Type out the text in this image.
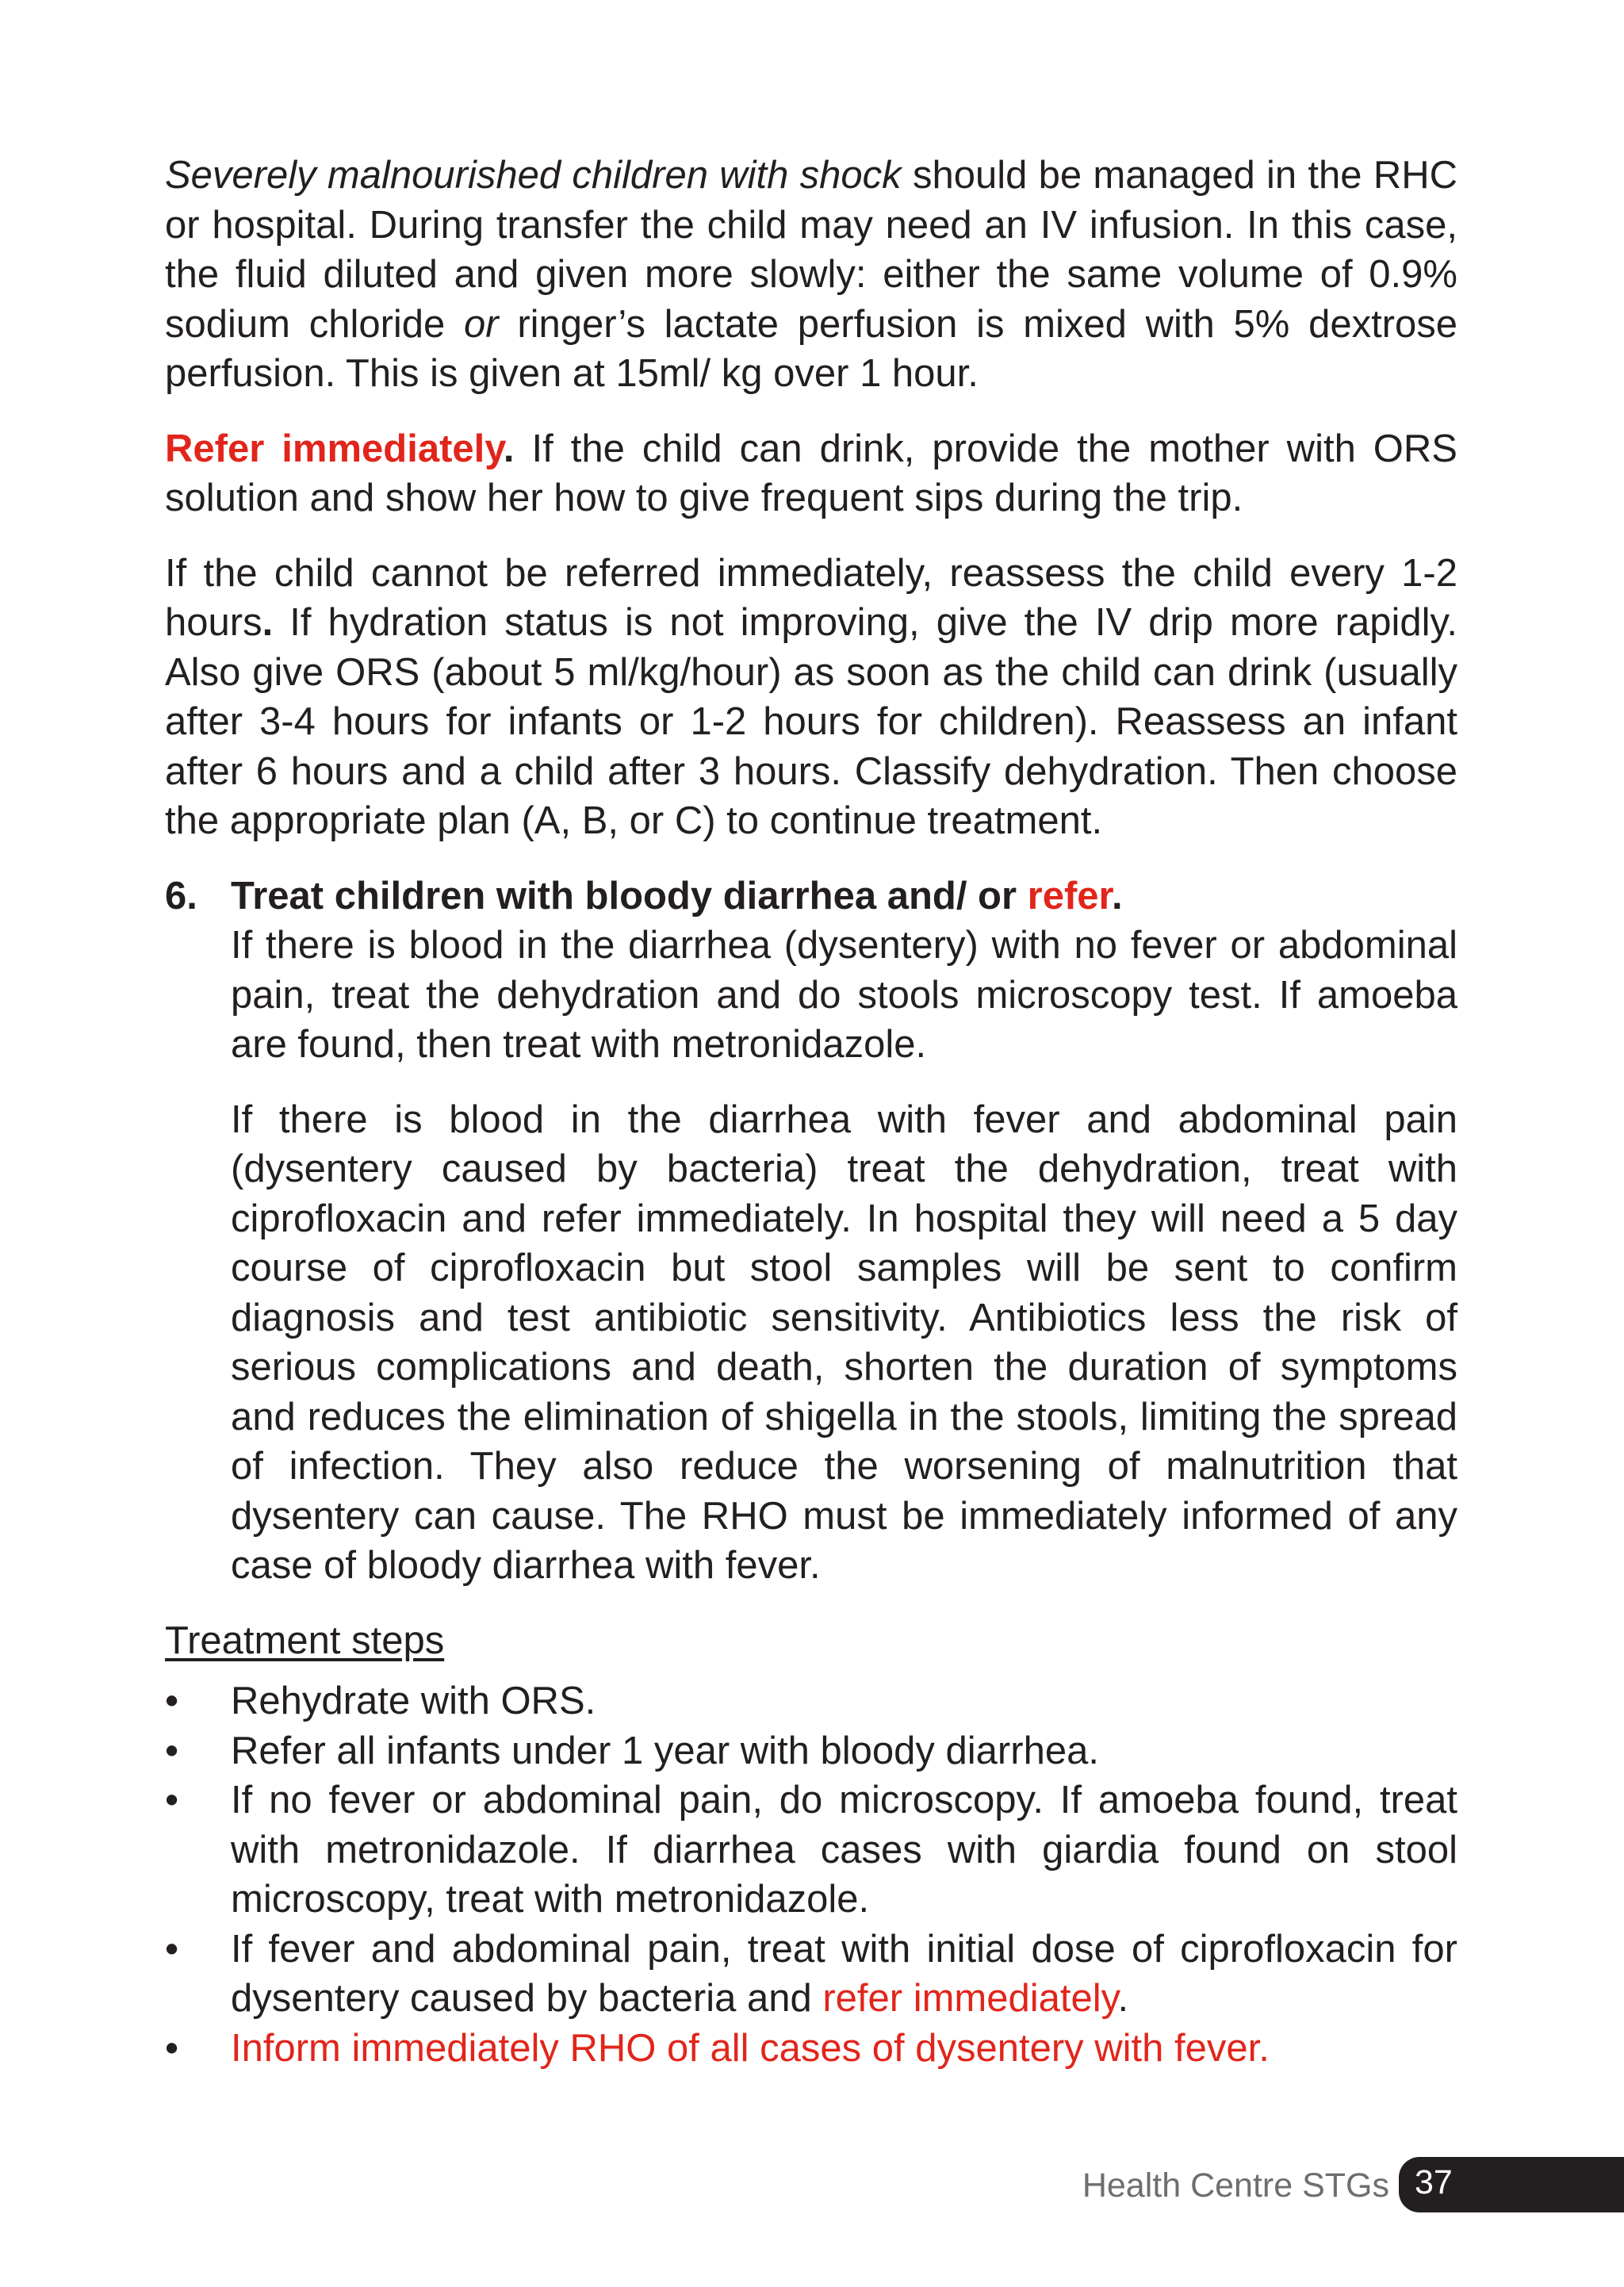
Severely malnourished children with shock should be managed in the RHC or hospital. During transfer the child may need an IV infusion. In this case, the fluid diluted and given more slowly: either the same volume of 0.9% sodium chloride or ringer’s lactate perfusion is mixed with 5% dextrose perfusion. This is given at 15ml/ kg over 1 hour.

Refer immediately. If the child can drink, provide the mother with ORS solution and show her how to give frequent sips during the trip.

If the child cannot be referred immediately, reassess the child every 1-2 hours. If hydration status is not improving, give the IV drip more rapidly. Also give ORS (about 5 ml/kg/hour) as soon as the child can drink (usually after 3-4 hours for infants or 1-2 hours for children). Reassess an infant after 6 hours and a child after 3 hours. Classify dehydration. Then choose the appropriate plan (A, B, or C) to continue treatment.

6. Treat children with bloody diarrhea and/ or refer.

If there is blood in the diarrhea (dysentery) with no fever or abdominal pain, treat the dehydration and do stools microscopy test. If amoeba are found, then treat with metronidazole.

If there is blood in the diarrhea with fever and abdominal pain (dysentery caused by bacteria) treat the dehydration, treat with ciprofloxacin and refer immediately. In hospital they will need a 5 day course of ciprofloxacin but stool samples will be sent to confirm diagnosis and test antibiotic sensitivity. Antibiotics less the risk of serious complications and death, shorten the duration of symptoms and reduces the elimination of shigella in the stools, limiting the spread of infection. They also reduce the worsening of malnutrition that dysentery can cause. The RHO must be immediately informed of any case of bloody diarrhea with fever.

Treatment steps
•	Rehydrate with ORS.
•	Refer all infants under 1 year with bloody diarrhea.
•	If no fever or abdominal pain, do microscopy. If amoeba found, treat with metronidazole. If diarrhea cases with giardia found on stool microscopy, treat with metronidazole.
•	If fever and abdominal pain, treat with initial dose of ciprofloxacin for dysentery caused by bacteria and refer immediately.
•	Inform immediately RHO of all cases of dysentery with fever.
Health Centre STGs 37
